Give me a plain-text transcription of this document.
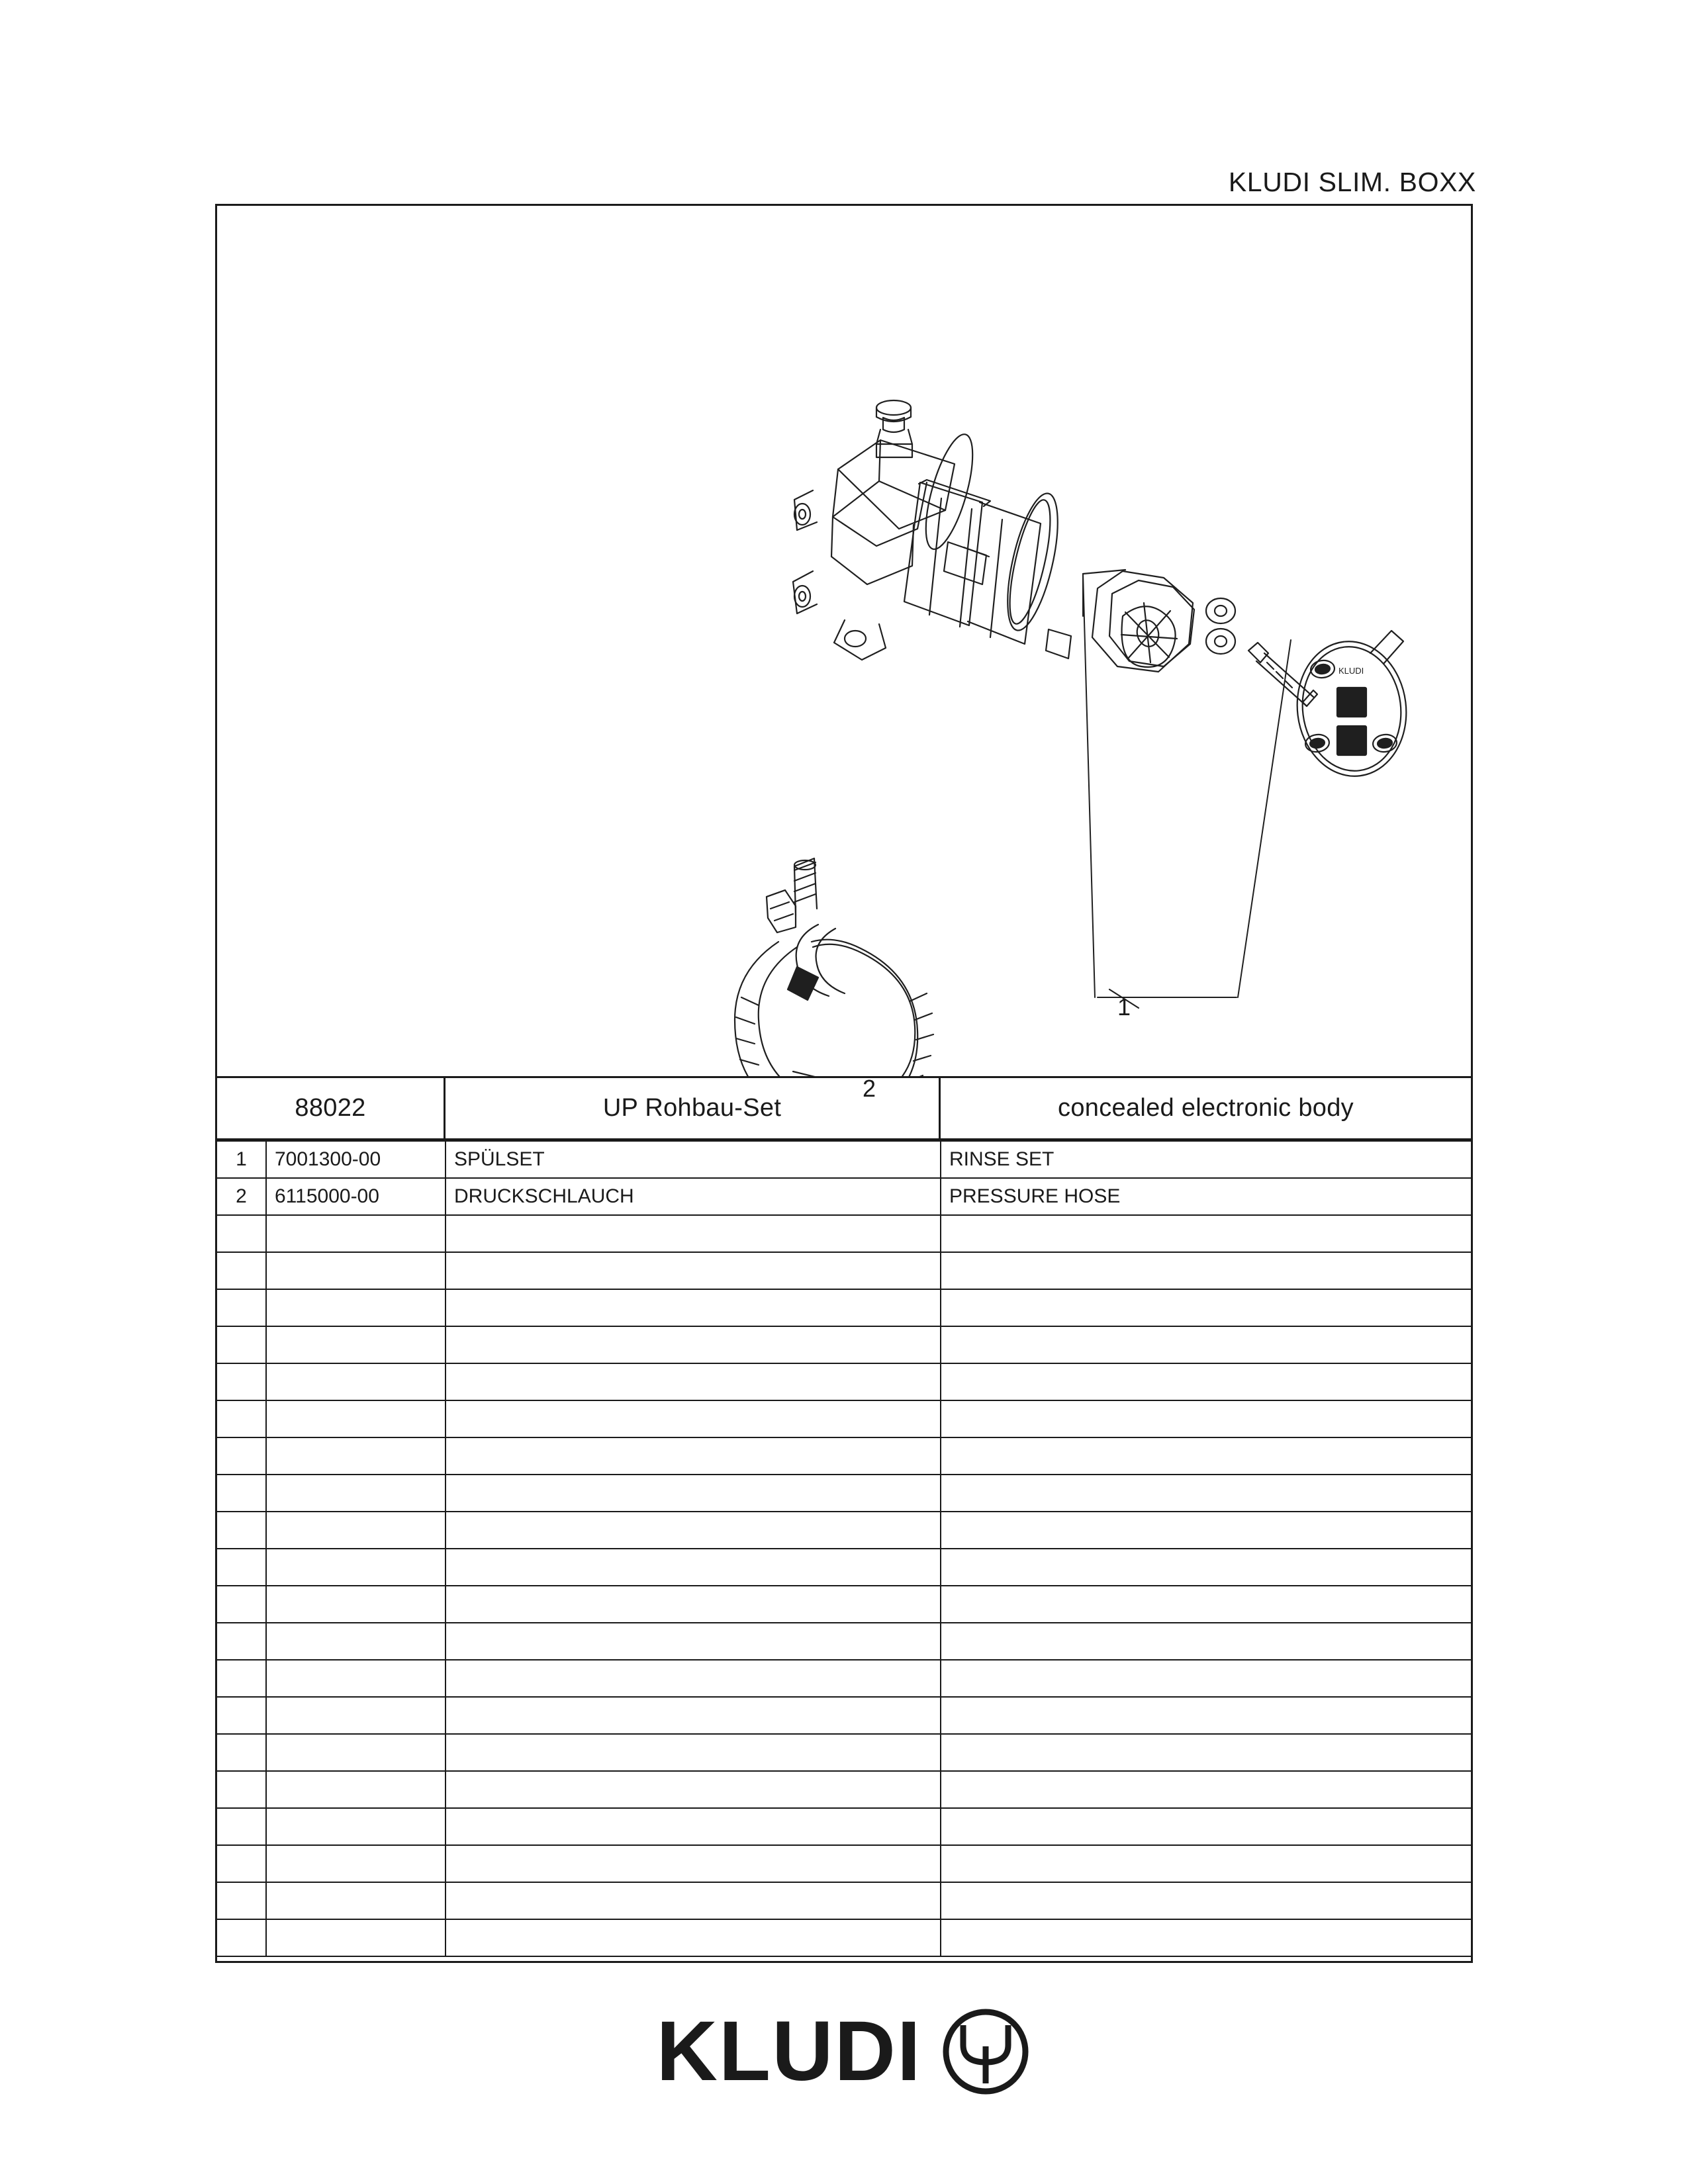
KLUDI SLIM. BOXX
KLUDI
1
2
88022	UP Rohbau-Set	concealed electronic body
1	7001300-00	SPÜLSET	RINSE SET
2	6115000-00	DRUCKSCHLAUCH	PRESSURE HOSE

KLUDI
